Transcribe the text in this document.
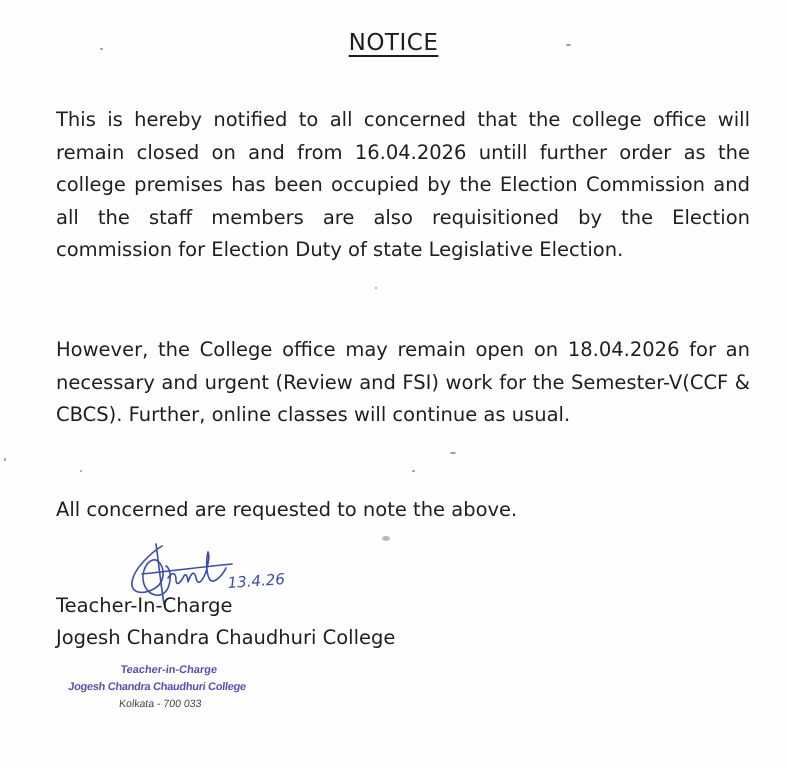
NOTICE

This is hereby notified to all concerned that the college office will remain closed on and from 16.04.2026 untill further order as the college premises has been occupied by the Election Commission and all the staff members are also requisitioned by the Election commission for Election Duty of state Legislative Election.

However, the College office may remain open on 18.04.2026 for an necessary and urgent (Review and FSI) work for the Semester-V(CCF & CBCS). Further, online classes will continue as usual.

All concerned are requested to note the above.

13.4.26
Teacher-In-Charge
Jogesh Chandra Chaudhuri College
Teacher-in-Charge
Jogesh Chandra Chaudhuri College
Kolkata - 700 033
